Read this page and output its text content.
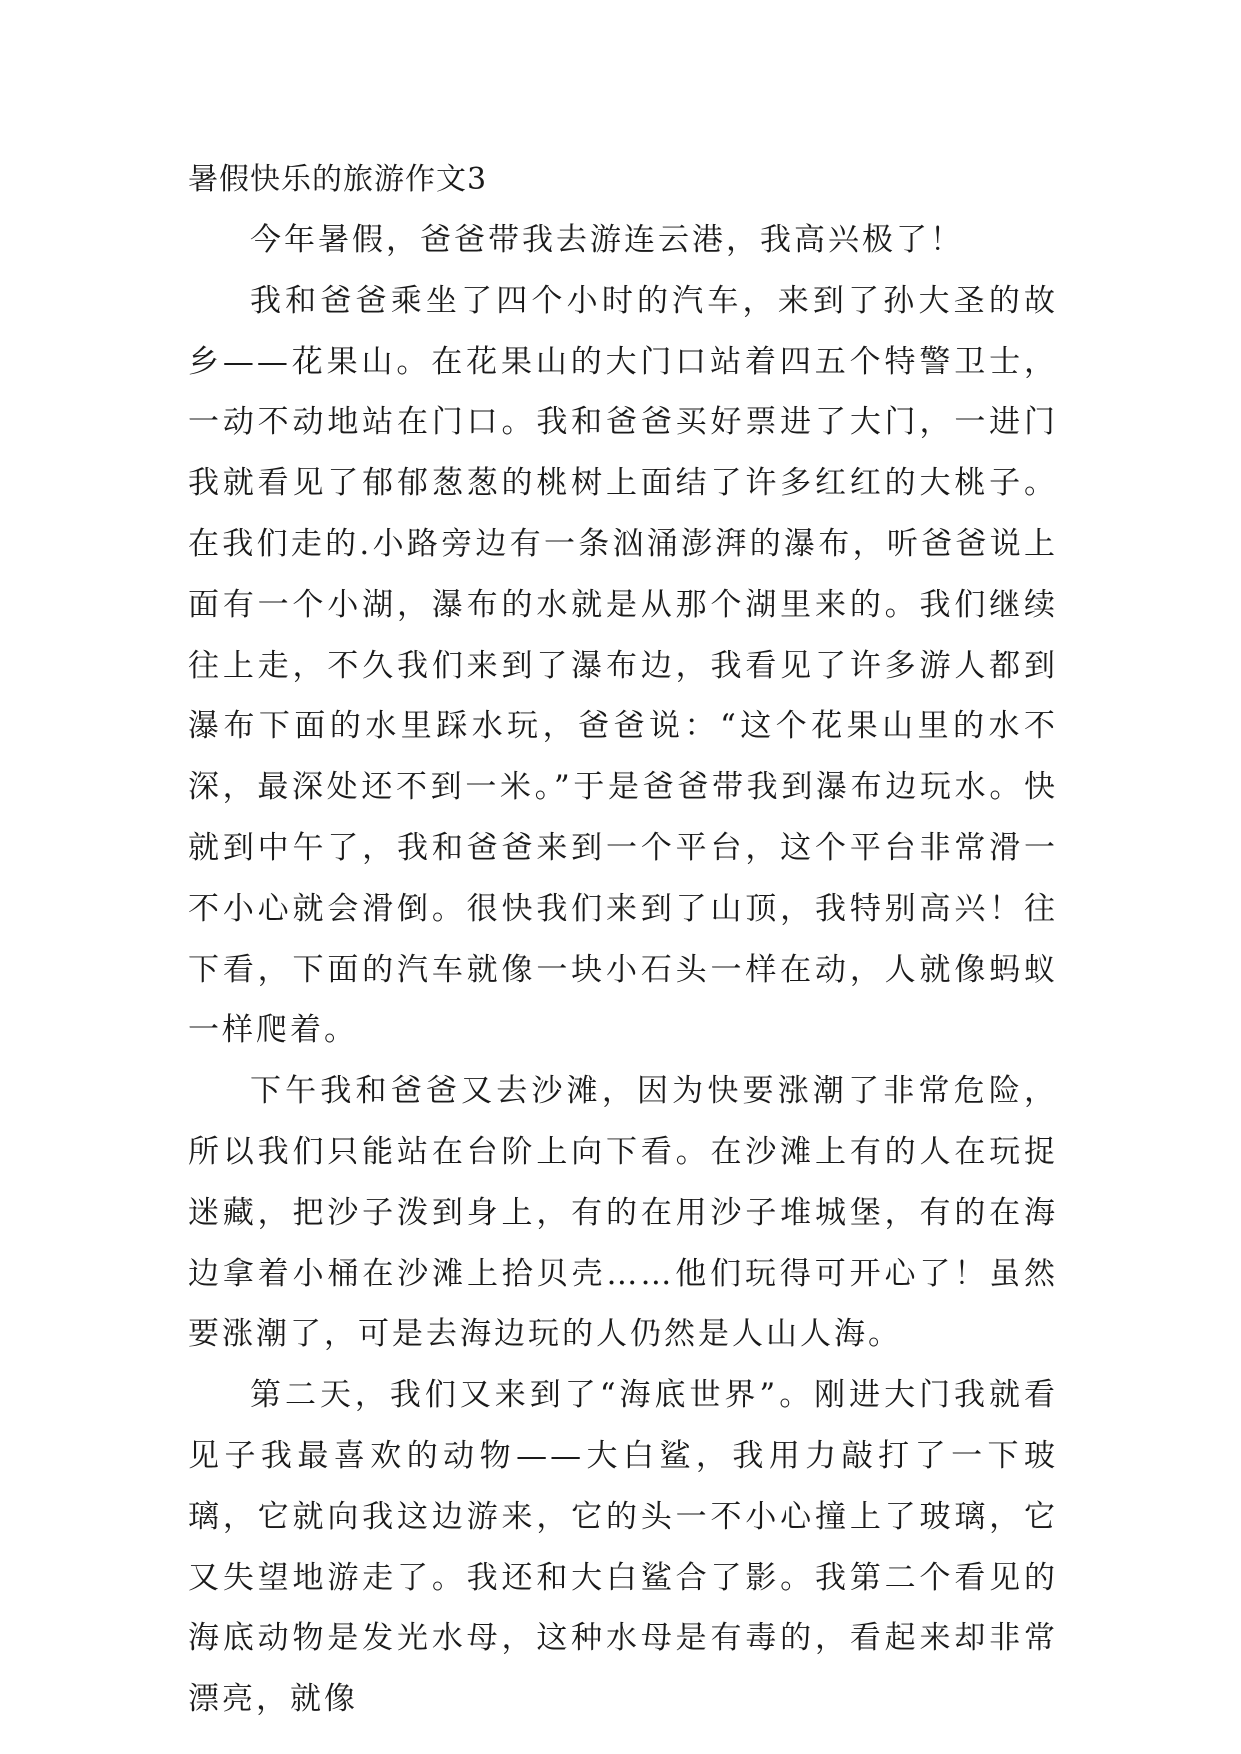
暑假快乐的旅游作文3

今年暑假，爸爸带我去游连云港，我高兴极了！

我和爸爸乘坐了四个小时的汽车，来到了孙大圣的故乡——花果山。在花果山的大门口站着四五个特警卫士，一动不动地站在门口。我和爸爸买好票进了大门，一进门我就看见了郁郁葱葱的桃树上面结了许多红红的大桃子。在我们走的.小路旁边有一条汹涌澎湃的瀑布，听爸爸说上面有一个小湖，瀑布的水就是从那个湖里来的。我们继续往上走，不久我们来到了瀑布边，我看见了许多游人都到瀑布下面的水里踩水玩，爸爸说：“这个花果山里的水不深，最深处还不到一米。”于是爸爸带我到瀑布边玩水。快就到中午了，我和爸爸来到一个平台，这个平台非常滑一不小心就会滑倒。很快我们来到了山顶，我特别高兴！往下看，下面的汽车就像一块小石头一样在动，人就像蚂蚁一样爬着。

下午我和爸爸又去沙滩，因为快要涨潮了非常危险，所以我们只能站在台阶上向下看。在沙滩上有的人在玩捉迷藏，把沙子泼到身上，有的在用沙子堆城堡，有的在海边拿着小桶在沙滩上拾贝壳……他们玩得可开心了！虽然要涨潮了，可是去海边玩的人仍然是人山人海。

第二天，我们又来到了“海底世界”。刚进大门我就看见子我最喜欢的动物——大白鲨，我用力敲打了一下玻璃，它就向我这边游来，它的头一不小心撞上了玻璃，它又失望地游走了。我还和大白鲨合了影。我第二个看见的海底动物是发光水母，这种水母是有毒的，看起来却非常漂亮，就像
